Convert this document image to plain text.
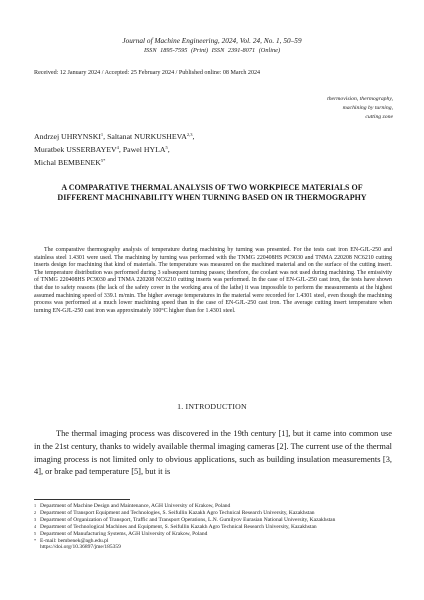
Journal of Machine Engineering, 2024, Vol. 24, No. 1, 50–59
ISSN 1895-7595 (Print) ISSN 2391-8071 (Online)
Received: 12 January 2024 / Accepted: 25 February 2024 / Published online: 08 March 2024
thermovision, thermography,
machining by turning,
cutting zone
Andrzej UHRYNSKI$^1$, Saltanat NURKUSHEVA$^{2,3}$,
Muratbek USSERBAYEV$^4$, Pawel HYLA$^5$,
Michal $BEMBENEK^{5*}$
A COMPARATIVE THERMAL ANALYSIS OF TWO WORKPIECE MATERIALS OF DIFFERENT MACHINABILITY WHEN TURNING BASED ON IR THERMOGRAPHY

The comparative thermography analysis of temperature during machining by turning was presented. For the tests cast iron EN-GJL-250 and stainless steel 1.4301 were used. The machining by turning was performed with the TNMG 220408HS PC9030 and TNMA 220208 NC6210 cutting inserts design for machining that kind of materials. The temperature was measured on the machined material and on the surface of the cutting insert. The temperature distribution was performed during 3 subsequent turning passes; therefore, the coolant was not used during machining. The emissivity of TNMG 220408HS PC9030 and TNMA 220208 NC6210 cutting inserts was performed. In the case of EN-GJL-250 cast iron, the tests have shown that due to safety reasons (the lack of the safety cover in the working area of the lathe) it was impossible to perform the measurements at the highest assumed machining speed of 339.1 m/min. The higher average temperatures in the material were recorded for 1.4301 steel, even though the machining process was performed at a much lower machining speed than in the case of EN-GJL-250 cast iron. The average cutting insert temperature when turning EN-GJL-250 cast iron was approximately 100°C higher than for 1.4301 steel.

1. INTRODUCTION

The thermal imaging process was discovered in the 19th century [1], but it came into common use in the 21st century, thanks to widely available thermal imaging cameras [2]. The current use of the thermal imaging process is not limited only to obvious applications, such as building insulation measurements [3, 4], or brake pad temperature [5], but it is

1 Department of Machine Design and Maintenance, AGH University of Krakow, Poland
2 Department of Transport Equipment and Technologies, S. Seifullin Kazakh Agro Technical Research University, Kazakhstan
3 Department of Organization of Transport, Traffic and Transport Operations, L.N. Gumilyov Eurasian National University, Kazakhstan
4 Department of Technological Machines and Equipment, S. Seifullin Kazakh Agro Technical Research University, Kazakhstan
5 Department of Manufacturing Systems, AGH University of Krakow, Poland
* E-mail: bembenek@agh.edu.pl
https://doi.org/10.36897/jme/185359
